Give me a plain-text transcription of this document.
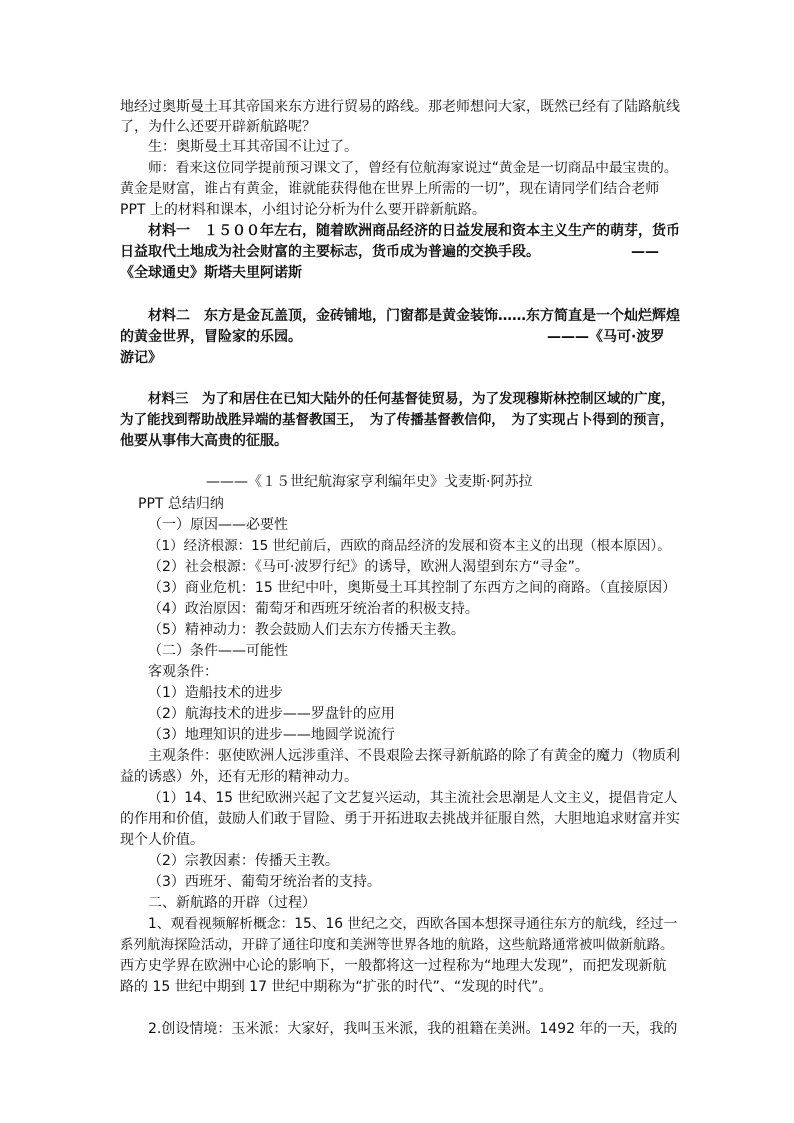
地经过奥斯曼土耳其帝国来东方进行贸易的路线。那老师想问大家，既然已经有了陆路航线
了，为什么还要开辟新航路呢？
生：奥斯曼土耳其帝国不让过了。
师：看来这位同学提前预习课文了，曾经有位航海家说过“黄金是一切商品中最宝贵的。
黄金是财富，谁占有黄金，谁就能获得他在世界上所需的一切”，现在请同学们结合老师
PPT 上的材料和课本，小组讨论分析为什么要开辟新航路。
材料一　１５００年左右，随着欧洲商品经济的日益发展和资本主义生产的萌芽，货币
日益取代土地成为社会财富的主要标志，货币成为普遍的交换手段。　　　　　　　——
《全球通史》斯塔夫里阿诺斯
材料二　东方是金瓦盖顶，金砖铺地，门窗都是黄金装饰……东方简直是一个灿烂辉煌
的黄金世界，冒险家的乐园。　　　　　　　　　　　　　　　　　　———《马可·波罗
游记》
材料三　为了和居住在已知大陆外的任何基督徒贸易，为了发现穆斯林控制区域的广度，
为了能找到帮助战胜异端的基督教国王，　为了传播基督教信仰，　为了实现占卜得到的预言，
他要从事伟大高贵的征服。
———《１５世纪航海家亨利编年史》戈麦斯·阿苏拉
PPT 总结归纳
（一）原因——必要性
（1）经济根源：15 世纪前后，西欧的商品经济的发展和资本主义的出现（根本原因）。
（2）社会根源：《马可·波罗行纪》的诱导，欧洲人渴望到东方“寻金”。
（3）商业危机：15 世纪中叶，奥斯曼土耳其控制了东西方之间的商路。（直接原因）
（4）政治原因：葡萄牙和西班牙统治者的积极支持。
（5）精神动力：教会鼓励人们去东方传播天主教。
（二）条件——可能性
客观条件：
（1）造船技术的进步
（2）航海技术的进步——罗盘针的应用
（3）地理知识的进步——地圆学说流行
主观条件：驱使欧洲人远涉重洋、不畏艰险去探寻新航路的除了有黄金的魔力（物质利
益的诱惑）外，还有无形的精神动力。
（1）14、15 世纪欧洲兴起了文艺复兴运动，其主流社会思潮是人文主义，提倡肯定人
的作用和价值，鼓励人们敢于冒险、勇于开拓进取去挑战并征服自然，大胆地追求财富并实
现个人价值。
（2）宗教因素：传播天主教。
（3）西班牙、葡萄牙统治者的支持。
二、新航路的开辟（过程）
1、观看视频解析概念：15、16 世纪之交，西欧各国本想探寻通往东方的航线，经过一
系列航海探险活动，开辟了通往印度和美洲等世界各地的航路，这些航路通常被叫做新航路。
西方史学界在欧洲中心论的影响下，一般都将这一过程称为“地理大发现”，而把发现新航
路的 15 世纪中期到 17 世纪中期称为“扩张的时代”、“发现的时代”。
2.创设情境：玉米派：大家好，我叫玉米派，我的祖籍在美洲。1492 年的一天，我的
